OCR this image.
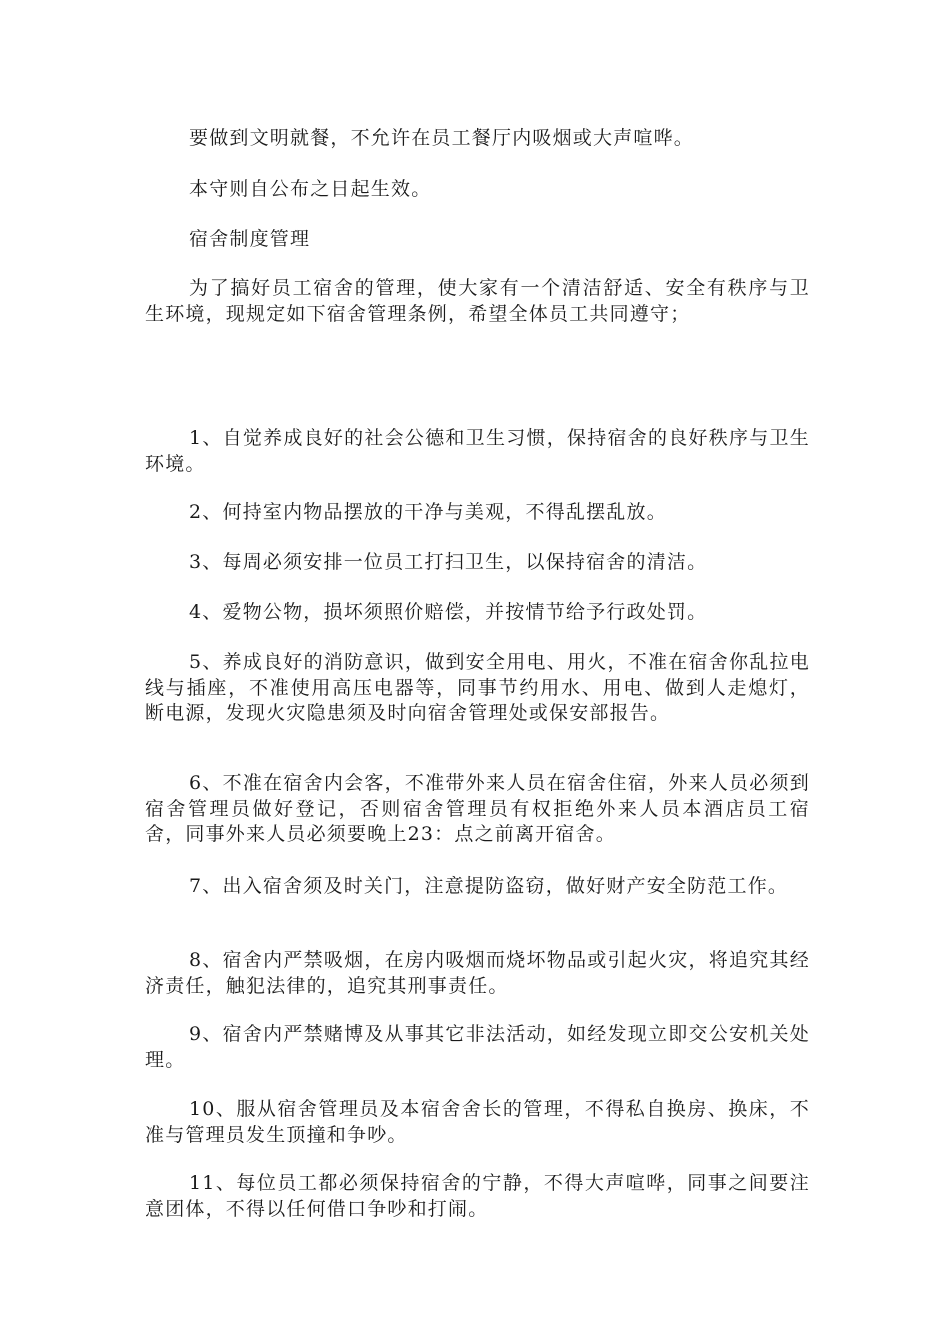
要做到文明就餐，不允许在员工餐厅内吸烟或大声喧哗。

本守则自公布之日起生效。

宿舍制度管理

为了搞好员工宿舍的管理，使大家有一个清洁舒适、安全有秩序与卫生环境，现规定如下宿舍管理条例，希望全体员工共同遵守；

1、自觉养成良好的社会公德和卫生习惯，保持宿舍的良好秩序与卫生环境。

2、何持室内物品摆放的干净与美观，不得乱摆乱放。

3、每周必须安排一位员工打扫卫生，以保持宿舍的清洁。

4、爱物公物，损坏须照价赔偿，并按情节给予行政处罚。

5、养成良好的消防意识，做到安全用电、用火，不准在宿舍你乱拉电线与插座，不准使用高压电器等，同事节约用水、用电、做到人走熄灯，断电源，发现火灾隐患须及时向宿舍管理处或保安部报告。

6、不准在宿舍内会客，不准带外来人员在宿舍住宿，外来人员必须到宿舍管理员做好登记，否则宿舍管理员有权拒绝外来人员本酒店员工宿舍，同事外来人员必须要晚上23：点之前离开宿舍。

7、出入宿舍须及时关门，注意提防盗窃，做好财产安全防范工作。

8、宿舍内严禁吸烟，在房内吸烟而烧坏物品或引起火灾，将追究其经济责任，触犯法律的，追究其刑事责任。

9、宿舍内严禁赌博及从事其它非法活动，如经发现立即交公安机关处理。

10、服从宿舍管理员及本宿舍舍长的管理，不得私自换房、换床，不准与管理员发生顶撞和争吵。

11、每位员工都必须保持宿舍的宁静，不得大声喧哗，同事之间要注意团体，不得以任何借口争吵和打闹。
